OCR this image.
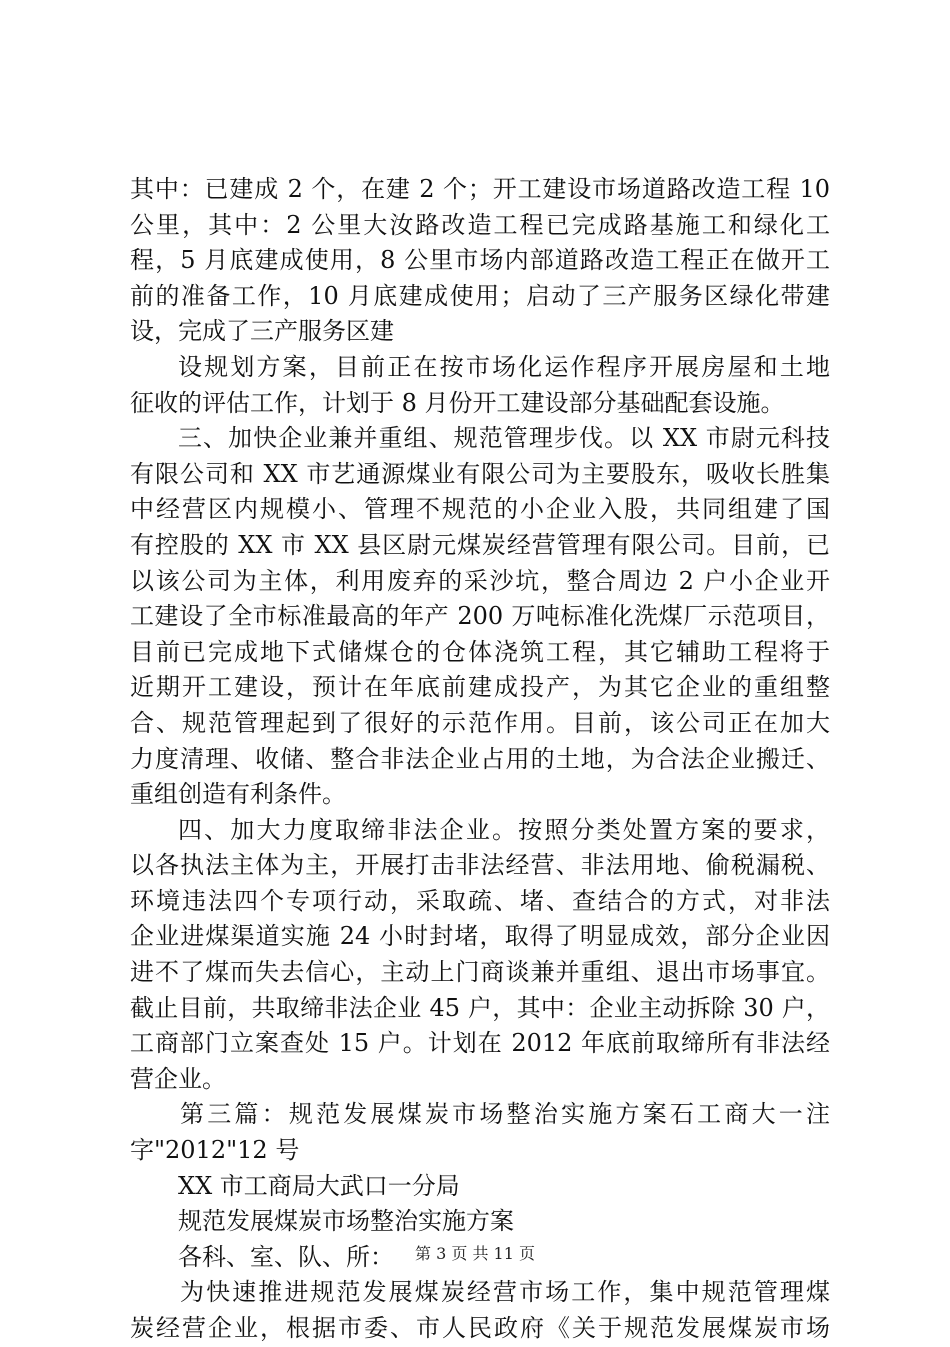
其中：已建成 2 个，在建 2 个；开工建设市场道路改造工程 10
公里，其中：2 公里大汝路改造工程已完成路基施工和绿化工
程，5 月底建成使用，8 公里市场内部道路改造工程正在做开工
前的准备工作，10 月底建成使用；启动了三产服务区绿化带建
设，完成了三产服务区建
设规划方案，目前正在按市场化运作程序开展房屋和土地
征收的评估工作，计划于 8 月份开工建设部分基础配套设施。
三、加快企业兼并重组、规范管理步伐。以 XX 市尉元科技
有限公司和 XX 市艺通源煤业有限公司为主要股东，吸收长胜集
中经营区内规模小、管理不规范的小企业入股，共同组建了国
有控股的 XX 市 XX 县区尉元煤炭经营管理有限公司。目前，已
以该公司为主体，利用废弃的采沙坑，整合周边 2 户小企业开
工建设了全市标准最高的年产 200 万吨标准化洗煤厂示范项目，
目前已完成地下式储煤仓的仓体浇筑工程，其它辅助工程将于
近期开工建设，预计在年底前建成投产，为其它企业的重组整
合、规范管理起到了很好的示范作用。目前，该公司正在加大
力度清理、收储、整合非法企业占用的土地，为合法企业搬迁、
重组创造有利条件。
四、加大力度取缔非法企业。按照分类处置方案的要求，
以各执法主体为主，开展打击非法经营、非法用地、偷税漏税、
环境违法四个专项行动，采取疏、堵、查结合的方式，对非法
企业进煤渠道实施 24 小时封堵，取得了明显成效，部分企业因
进不了煤而失去信心，主动上门商谈兼并重组、退出市场事宜。
截止目前，共取缔非法企业 45 户，其中：企业主动拆除 30 户，
工商部门立案查处 15 户。计划在 2012 年底前取缔所有非法经
营企业。
第三篇：规范发展煤炭市场整治实施方案石工商大一注
字"2012"12 号
XX 市工商局大武口一分局
规范发展煤炭市场整治实施方案
各科、室、队、所：
为快速推进规范发展煤炭经营市场工作，集中规范管理煤
炭经营企业，根据市委、市人民政府《关于规范发展煤炭市场
第 3 页 共 11 页
